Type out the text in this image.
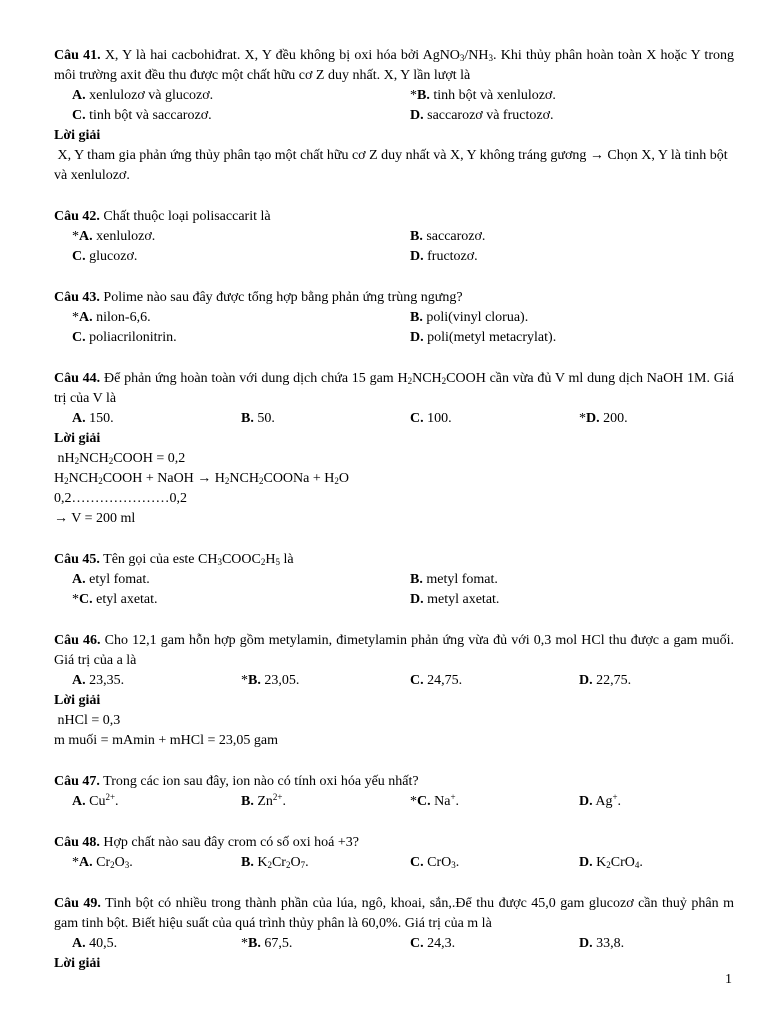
Câu 41. X, Y là hai cacbohiđrat. X, Y đều không bị oxi hóa bởi $AgNO_3/NH_3$. Khi thủy phân hoàn toàn X hoặc Y trong môi trường axit đều thu được một chất hữu cơ Z duy nhất. X, Y lần lượt là
A. xenlulozơ và glucozơ.	*B. tinh bột và xenlulozơ.
C. tinh bột và saccarozơ.	D. saccarozơ và fructozơ.
Lời giải
X, Y tham gia phản ứng thủy phân tạo một chất hữu cơ Z duy nhất và X, Y không tráng gương → Chọn X, Y là tinh bột và xenlulozơ.
Câu 42. Chất thuộc loại polisaccarit là
*A. xenlulozơ.	B. saccarozơ.
C. glucozơ.	D. fructozơ.
Câu 43. Polime nào sau đây được tổng hợp bằng phản ứng trùng ngưng?
*A. nilon-6,6.	B. poli(vinyl clorua).
C. poliacrilonitrin.	D. poli(metyl metacrylat).
Câu 44. Để phản ứng hoàn toàn với dung dịch chứa 15 gam $H_2NCH_2COOH$ cần vừa đủ V ml dung dịch NaOH 1M. Giá trị của V là
A. 150.	B. 50.	C. 100.	*D. 200.
Lời giải
$nH_2NCH_2COOH = 0,2$
$H_2NCH_2COOH$ + NaOH → $H_2NCH_2COONa + H_2O$
0,2…………………0,2
→ V = 200 ml
Câu 45. Tên gọi của este $CH_3COOC_2H_5$ là
A. etyl fomat.	B. metyl fomat.
*C. etyl axetat.	D. metyl axetat.
Câu 46. Cho 12,1 gam hỗn hợp gồm metylamin, đimetylamin phản ứng vừa đủ với 0,3 mol HCl thu được a gam muối. Giá trị của a là
A. 23,35.	*B. 23,05.	C. 24,75.	D. 22,75.
Lời giải
nHCl = 0,3
m muối = mAmin + mHCl = 23,05 gam
Câu 47. Trong các ion sau đây, ion nào có tính oxi hóa yếu nhất?
A. $Cu^{2+}$.	B. $Zn^{2+}$.	*C. Na+.	D. Ag+.
Câu 48. Hợp chất nào sau đây crom có số oxi hoá +3?
*A. $Cr_2O_3$.	B. $K_2Cr_2O_7$.	C. CrO$_3$.	D. $K_2CrO_4$.
Câu 49. Tinh bột có nhiều trong thành phần của lúa, ngô, khoai, sắn,.Để thu được 45,0 gam glucozơ cần thuỷ phân m gam tinh bột. Biết hiệu suất của quá trình thủy phân là 60,0%. Giá trị của m là
A. 40,5.	*B. 67,5.	C. 24,3.	D. 33,8.
Lời giải
1
